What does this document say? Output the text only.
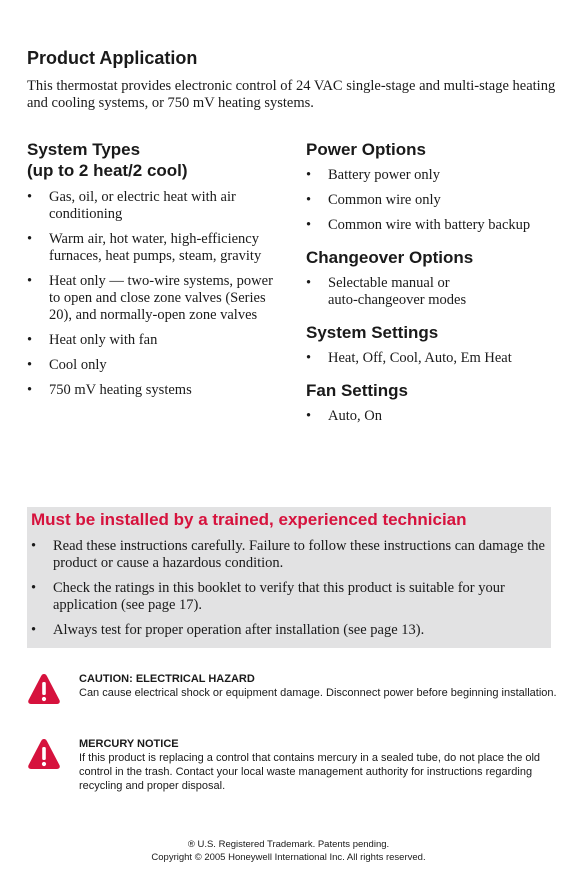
Product Application

This thermostat provides electronic control of 24 VAC single-stage and multi-stage heating and cooling systems, or 750 mV heating systems.

System Types
(up to 2 heat/2 cool)
• Gas, oil, or electric heat with air conditioning
• Warm air, hot water, high-efficiency furnaces, heat pumps, steam, gravity
• Heat only — two-wire systems, power to open and close zone valves (Series 20), and normally-open zone valves
• Heat only with fan
• Cool only
• 750 mV heating systems
Power Options
• Battery power only
• Common wire only
• Common wire with battery backup
Changeover Options
• Selectable manual or auto-changeover modes
System Settings
• Heat, Off, Cool, Auto, Em Heat
Fan Settings
• Auto, On
Must be installed by a trained, experienced technician
• Read these instructions carefully. Failure to follow these instructions can damage the product or cause a hazardous condition.
• Check the ratings in this booklet to verify that this product is suitable for your application (see page 17).
• Always test for proper operation after installation (see page 13).
CAUTION: ELECTRICAL HAZARD
Can cause electrical shock or equipment damage. Disconnect power before beginning installation.
MERCURY NOTICE
If this product is replacing a control that contains mercury in a sealed tube, do not place the old control in the trash. Contact your local waste management authority for instructions regarding recycling and proper disposal.
® U.S. Registered Trademark. Patents pending.
Copyright © 2005 Honeywell International Inc. All rights reserved.
